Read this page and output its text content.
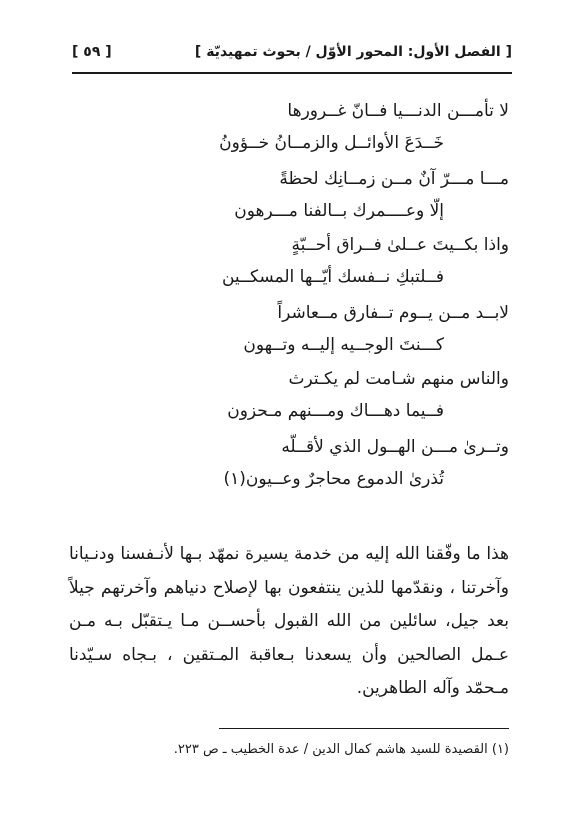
[ الفصل الأول: المحور الأوّل / بحوث تمهيديّة ]
[ ٥٩ ]
لا تأمـــن الدنـــيا فــانّ غــرورها
خَــدَعَ الأوائــل والزمــانُ خــؤونُ
مـــا مـــرّ آنٌ مــن زمــانِك لحظةً
إلّا وعــــمرك بــالفنا مـــرهون
واذا بكــيتَ عــلىٰ فــراق أحــبّةٍ
فــلتبكِ نــفسك أيّــها المسكــين
لابــد مــن يــوم تــفارق مــعاشراً
كـــنتَ الوجــيه إليــه وتــهون
والناس منهم شـامت لم يكـترث
فــيما دهـــاك ومـــنهم مـحزون
وتــرىٰ مـــن الهــول الذي لأقــلّه
تُذرىٰ الدموع محاجرٌ وعــيون(١)

هذا ما وفّقنا الله إليه من خدمة يسيرة نمهّد بـها لأنـفسنا ودنـيانا وآخرتنا ، ونقدّمها للذين ينتفعون بها لإصلاح دنياهم وآخرتهم جيلاً بعد جيل، سائلين من الله القبول بأحســن مـا يـتقبّل بـه مـن عـمل الصالحين وأن يسعدنا بـعاقبة المـتقين ، بـجاه سـيّدنا مـحمّد وآله الطاهرين.

(١) القصيدة للسيد هاشم كمال الدين / عدة الخطيب ـ ص ٢٢٣.
